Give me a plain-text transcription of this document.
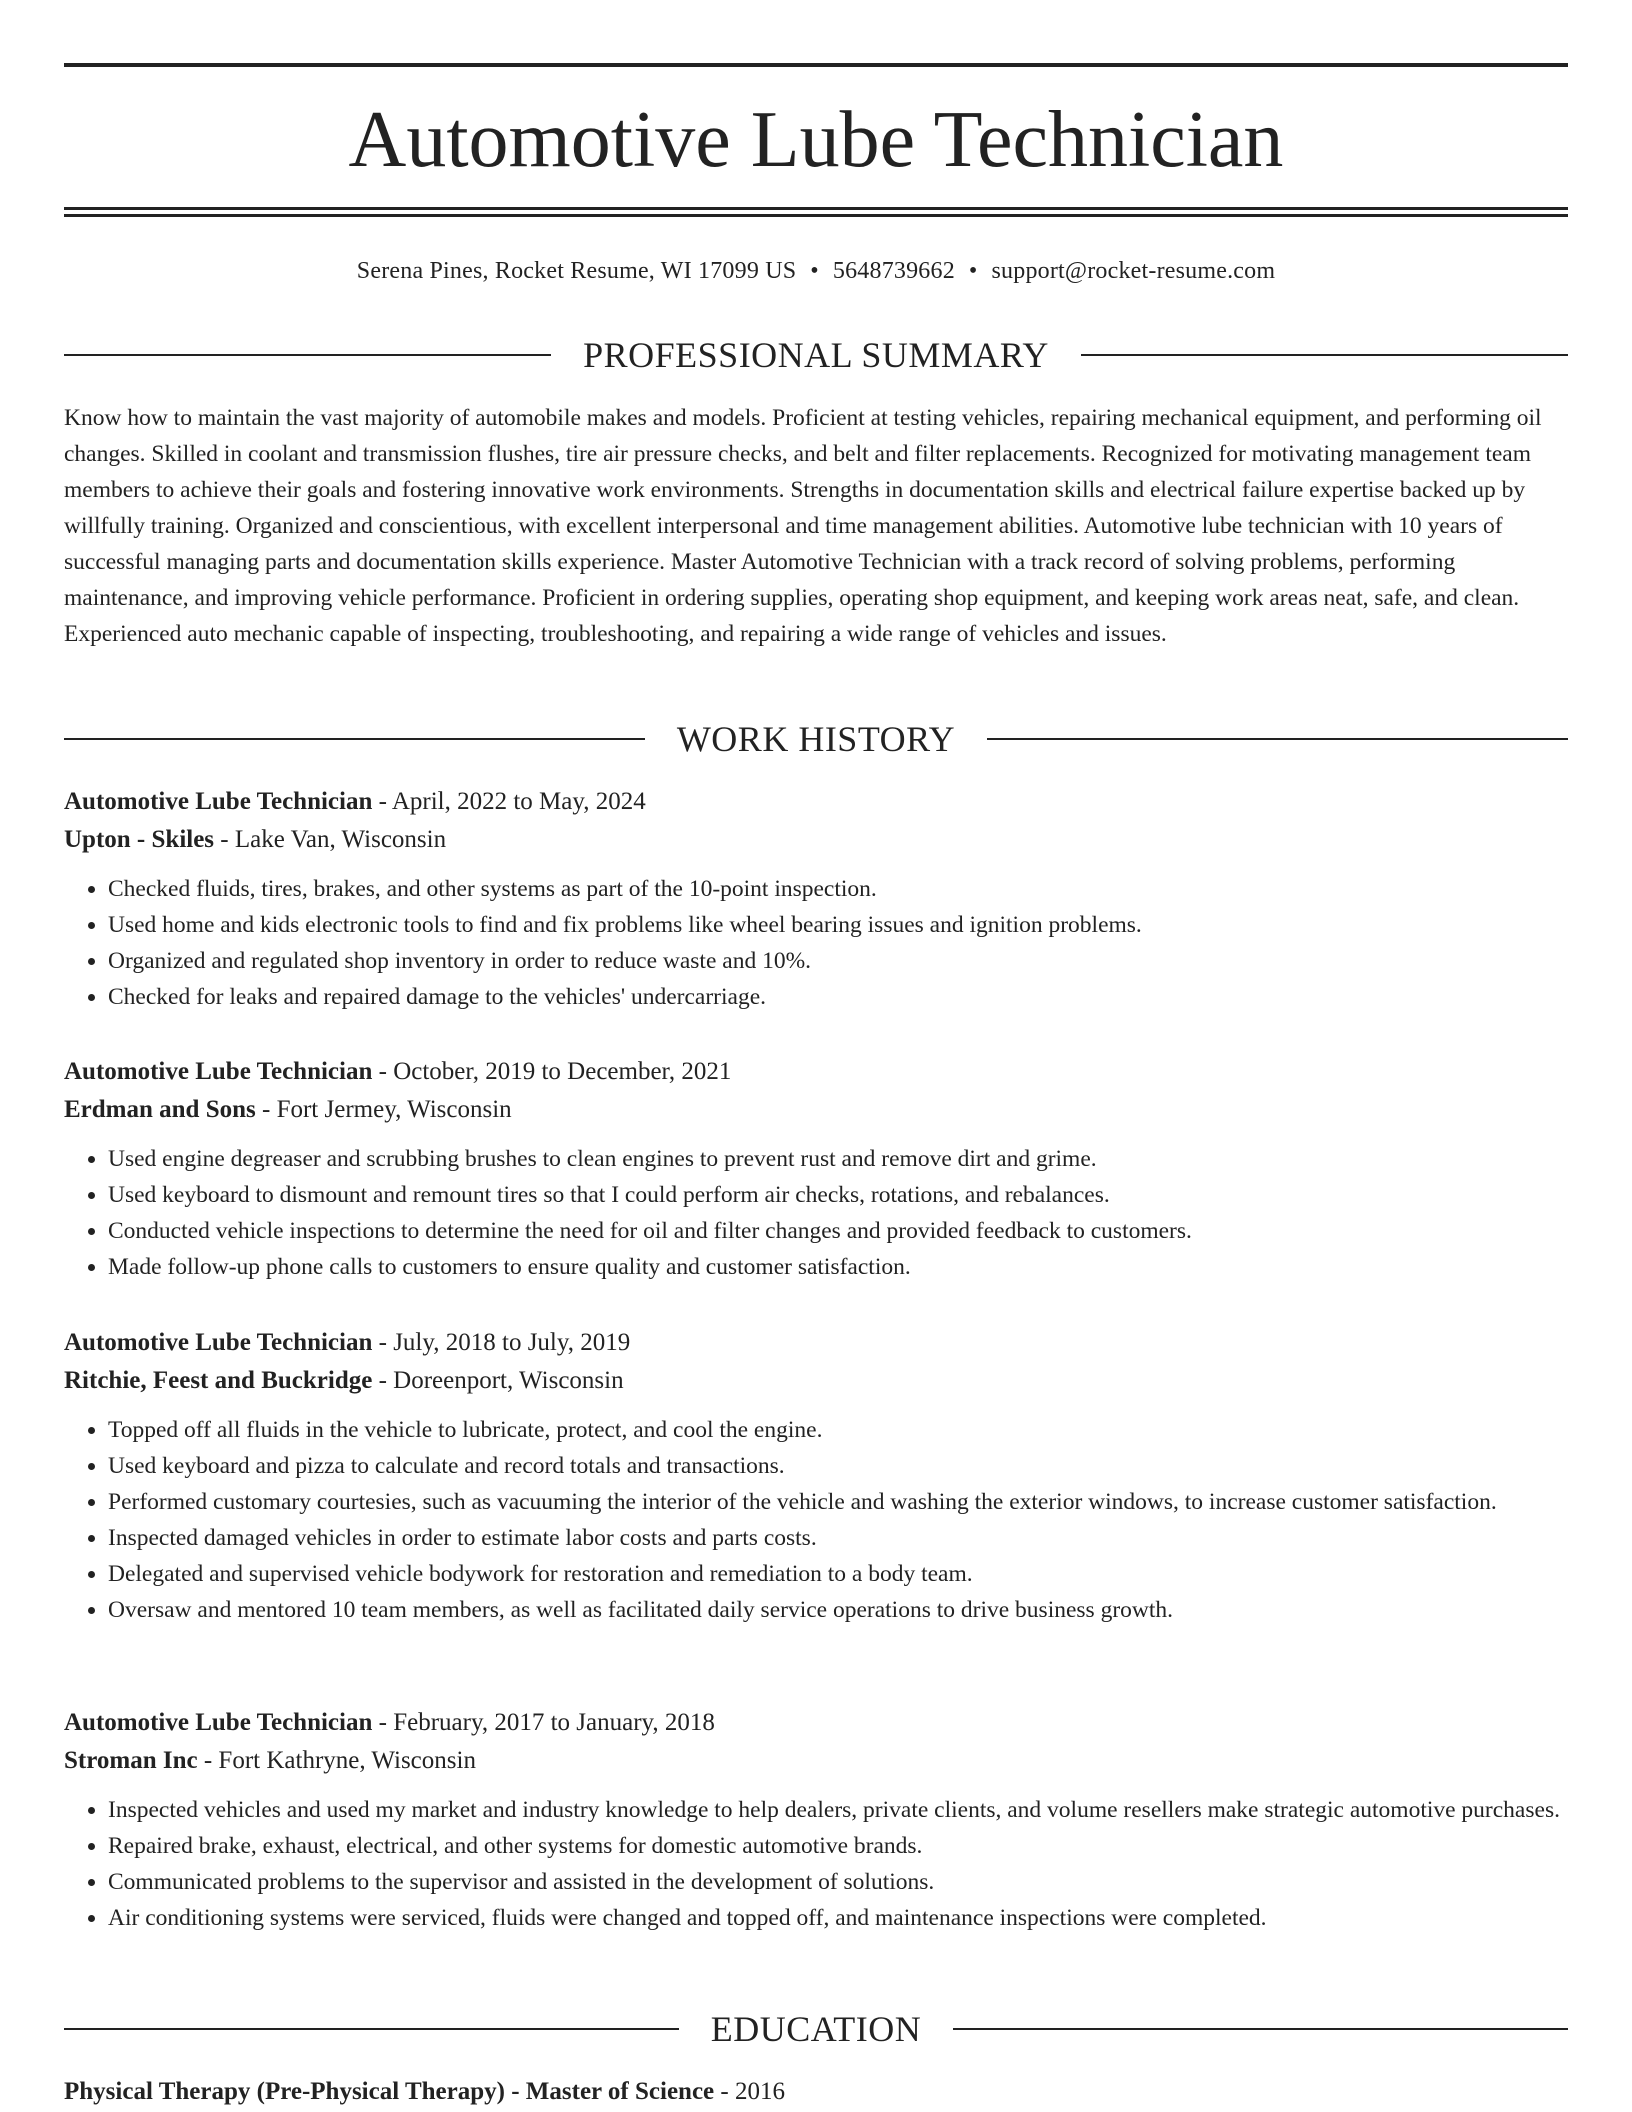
Automotive Lube Technician
Serena Pines, Rocket Resume, WI 17099 US • 5648739662 • support@rocket-resume.com
PROFESSIONAL SUMMARY

Know how to maintain the vast majority of automobile makes and models. Proficient at testing vehicles, repairing mechanical equipment, and performing oil changes. Skilled in coolant and transmission flushes, tire air pressure checks, and belt and filter replacements. Recognized for motivating management team members to achieve their goals and fostering innovative work environments. Strengths in documentation skills and electrical failure expertise backed up by willfully training. Organized and conscientious, with excellent interpersonal and time management abilities. Automotive lube technician with 10 years of successful managing parts and documentation skills experience. Master Automotive Technician with a track record of solving problems, performing maintenance, and improving vehicle performance. Proficient in ordering supplies, operating shop equipment, and keeping work areas neat, safe, and clean. Experienced auto mechanic capable of inspecting, troubleshooting, and repairing a wide range of vehicles and issues.

WORK HISTORY
Automotive Lube Technician - April, 2022 to May, 2024
Upton - Skiles - Lake Van, Wisconsin
• Checked fluids, tires, brakes, and other systems as part of the 10-point inspection.
• Used home and kids electronic tools to find and fix problems like wheel bearing issues and ignition problems.
• Organized and regulated shop inventory in order to reduce waste and 10%.
• Checked for leaks and repaired damage to the vehicles' undercarriage.
Automotive Lube Technician - October, 2019 to December, 2021
Erdman and Sons - Fort Jermey, Wisconsin
• Used engine degreaser and scrubbing brushes to clean engines to prevent rust and remove dirt and grime.
• Used keyboard to dismount and remount tires so that I could perform air checks, rotations, and rebalances.
• Conducted vehicle inspections to determine the need for oil and filter changes and provided feedback to customers.
• Made follow-up phone calls to customers to ensure quality and customer satisfaction.
Automotive Lube Technician - July, 2018 to July, 2019
Ritchie, Feest and Buckridge - Doreenport, Wisconsin
• Topped off all fluids in the vehicle to lubricate, protect, and cool the engine.
• Used keyboard and pizza to calculate and record totals and transactions.
• Performed customary courtesies, such as vacuuming the interior of the vehicle and washing the exterior windows, to increase customer satisfaction.
• Inspected damaged vehicles in order to estimate labor costs and parts costs.
• Delegated and supervised vehicle bodywork for restoration and remediation to a body team.
• Oversaw and mentored 10 team members, as well as facilitated daily service operations to drive business growth.
Automotive Lube Technician - February, 2017 to January, 2018
Stroman Inc - Fort Kathryne, Wisconsin
• Inspected vehicles and used my market and industry knowledge to help dealers, private clients, and volume resellers make strategic automotive purchases.
• Repaired brake, exhaust, electrical, and other systems for domestic automotive brands.
• Communicated problems to the supervisor and assisted in the development of solutions.
• Air conditioning systems were serviced, fluids were changed and topped off, and maintenance inspections were completed.
EDUCATION
Physical Therapy (Pre-Physical Therapy) - Master of Science - 2016
